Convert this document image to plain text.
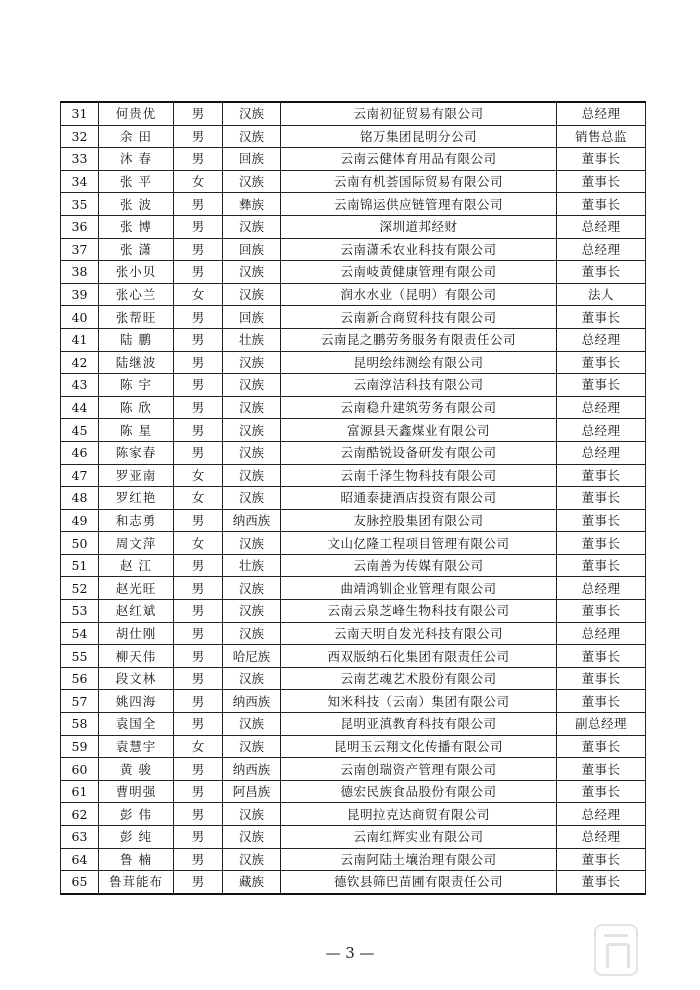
31	何贵优	男	汉族	云南初征贸易有限公司	总经理
32	余 田	男	汉族	铭万集团昆明分公司	销售总监
33	沐 春	男	回族	云南云健体育用品有限公司	董事长
34	张 平	女	汉族	云南有机荟国际贸易有限公司	董事长
35	张 波	男	彝族	云南锦运供应链管理有限公司	董事长
36	张 博	男	汉族	深圳道邦经财	总经理
37	张 潇	男	回族	云南潇禾农业科技有限公司	总经理
38	张小贝	男	汉族	云南岐黄健康管理有限公司	董事长
39	张心兰	女	汉族	润水水业（昆明）有限公司	法人
40	张帮旺	男	回族	云南新合商贸科技有限公司	董事长
41	陆 鹏	男	壮族	云南昆之鹏劳务服务有限责任公司	总经理
42	陆继波	男	汉族	昆明绘纬测绘有限公司	董事长
43	陈 宇	男	汉族	云南淳洁科技有限公司	董事长
44	陈 欣	男	汉族	云南稳升建筑劳务有限公司	总经理
45	陈 星	男	汉族	富源县天鑫煤业有限公司	总经理
46	陈家春	男	汉族	云南酷锐设备研发有限公司	总经理
47	罗亚南	女	汉族	云南千泽生物科技有限公司	董事长
48	罗红艳	女	汉族	昭通泰捷酒店投资有限公司	董事长
49	和志勇	男	纳西族	友脉控股集团有限公司	董事长
50	周文萍	女	汉族	文山亿隆工程项目管理有限公司	董事长
51	赵 江	男	壮族	云南善为传媒有限公司	董事长
52	赵光旺	男	汉族	曲靖鸿钏企业管理有限公司	总经理
53	赵红斌	男	汉族	云南云泉芝峰生物科技有限公司	董事长
54	胡仕刚	男	汉族	云南天明自发光科技有限公司	总经理
55	柳天伟	男	哈尼族	西双版纳石化集团有限责任公司	董事长
56	段文林	男	汉族	云南艺魂艺术股份有限公司	董事长
57	姚四海	男	纳西族	知米科技（云南）集团有限公司	董事长
58	袁国全	男	汉族	昆明亚滇教育科技有限公司	副总经理
59	袁慧宇	女	汉族	昆明玉云翔文化传播有限公司	董事长
60	黄 骏	男	纳西族	云南创瑞资产管理有限公司	董事长
61	曹明强	男	阿昌族	德宏民族食品股份有限公司	董事长
62	彭 伟	男	汉族	昆明拉克达商贸有限公司	总经理
63	彭 纯	男	汉族	云南红辉实业有限公司	总经理
64	鲁 楠	男	汉族	云南阿陆土壤治理有限公司	董事长
65	鲁茸能布	男	藏族	德钦县筛巴苗圃有限责任公司	董事长
— 3 —
